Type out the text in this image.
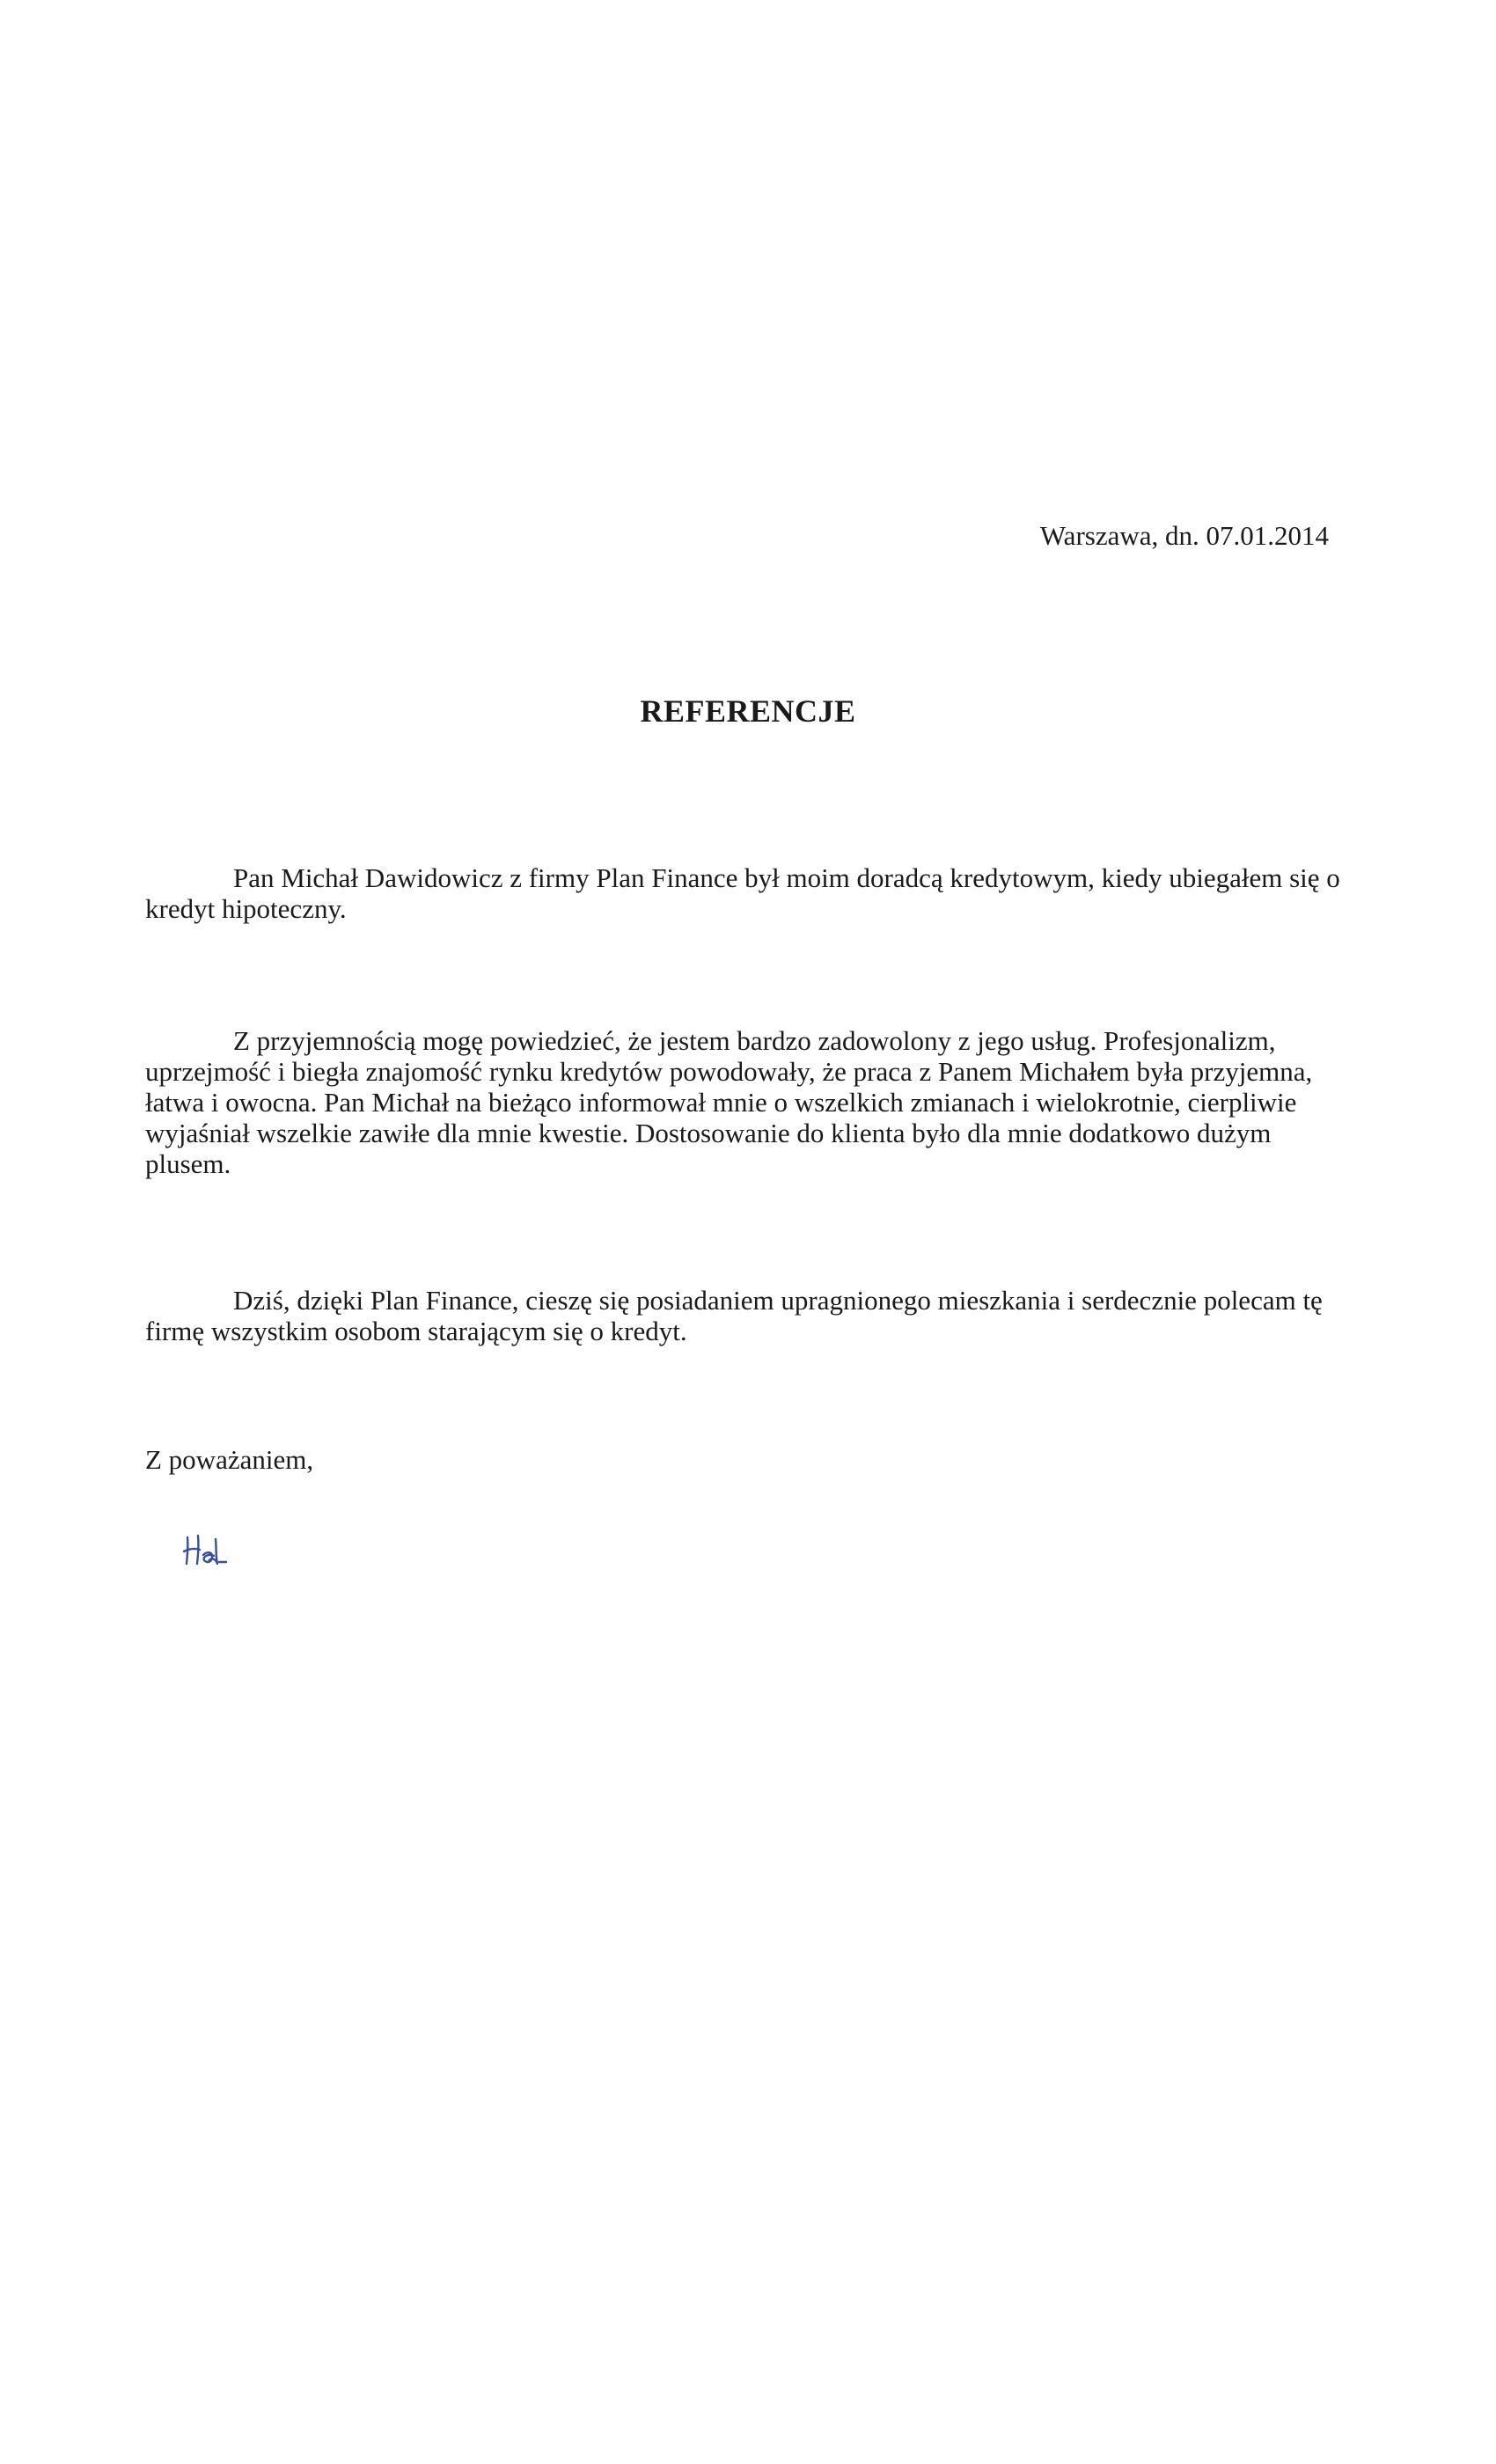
Warszawa, dn. 07.01.2014
REFERENCJE

Pan Michał Dawidowicz z firmy Plan Finance był moim doradcą kredytowym, kiedy ubiegałem się o kredyt hipoteczny.

Z przyjemnością mogę powiedzieć, że jestem bardzo zadowolony z jego usług. Profesjonalizm, uprzejmość i biegła znajomość rynku kredytów powodowały, że praca z Panem Michałem była przyjemna, łatwa i owocna. Pan Michał na bieżąco informował mnie o wszelkich zmianach i wielokrotnie, cierpliwie wyjaśniał wszelkie zawiłe dla mnie kwestie. Dostosowanie do klienta było dla mnie dodatkowo dużym plusem.

Dziś, dzięki Plan Finance, cieszę się posiadaniem upragnionego mieszkania i serdecznie polecam tę firmę wszystkim osobom starającym się o kredyt.

Z poważaniem,
